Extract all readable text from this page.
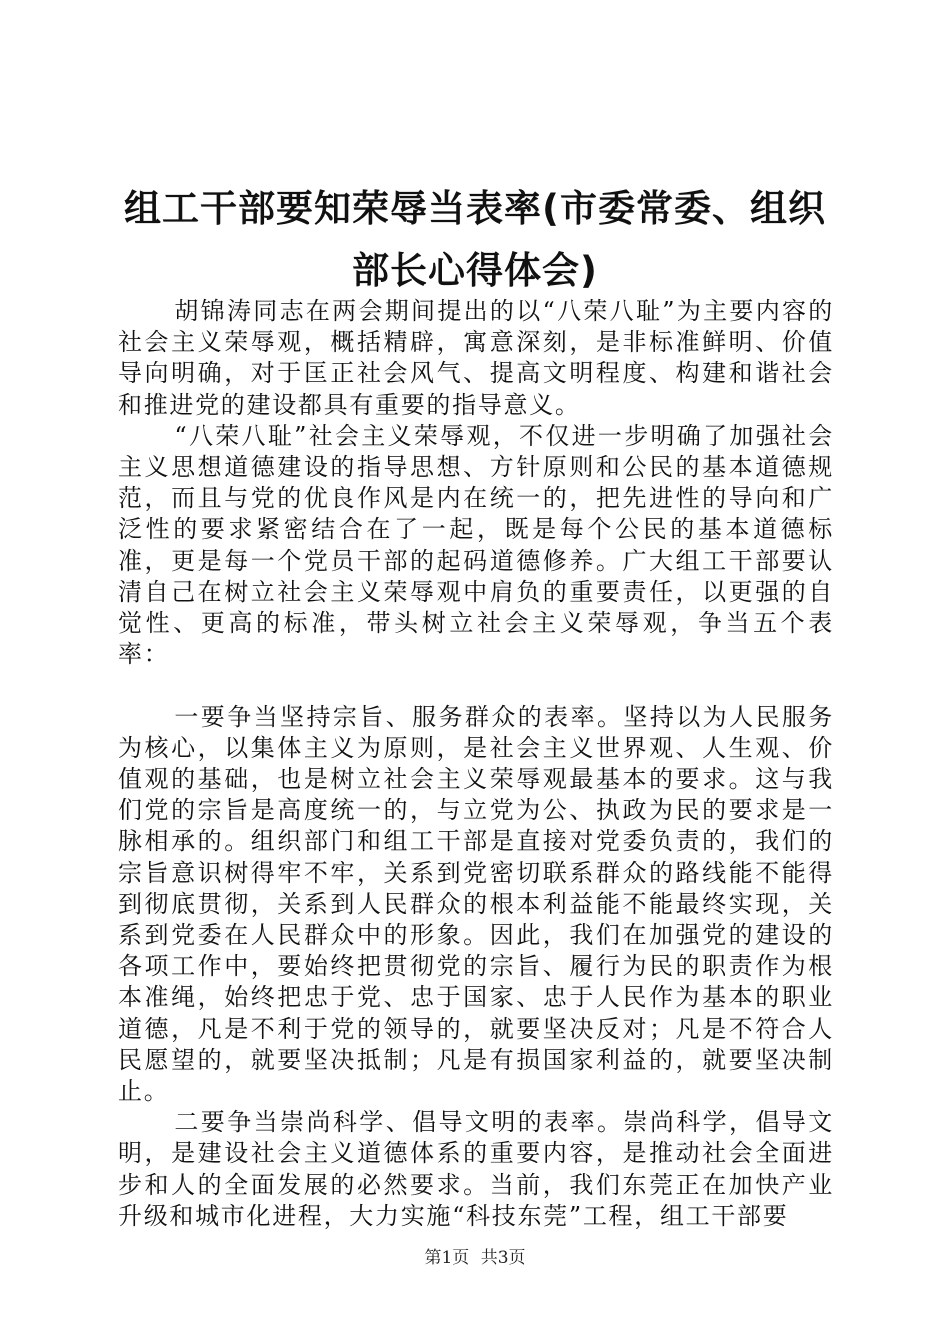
组工干部要知荣辱当表率(市委常委、组织部长心得体会)

胡锦涛同志在两会期间提出的以“八荣八耻”为主要内容的社会主义荣辱观，概括精辟，寓意深刻，是非标准鲜明、价值导向明确，对于匡正社会风气、提高文明程度、构建和谐社会和推进党的建设都具有重要的指导意义。

“八荣八耻”社会主义荣辱观，不仅进一步明确了加强社会主义思想道德建设的指导思想、方针原则和公民的基本道德规范，而且与党的优良作风是内在统一的，把先进性的导向和广泛性的要求紧密结合在了一起，既是每个公民的基本道德标准，更是每一个党员干部的起码道德修养。广大组工干部要认清自己在树立社会主义荣辱观中肩负的重要责任，以更强的自觉性、更高的标准，带头树立社会主义荣辱观，争当五个表率：

一要争当坚持宗旨、服务群众的表率。坚持以为人民服务为核心，以集体主义为原则，是社会主义世界观、人生观、价值观的基础，也是树立社会主义荣辱观最基本的要求。这与我们党的宗旨是高度统一的，与立党为公、执政为民的要求是一脉相承的。组织部门和组工干部是直接对党委负责的，我们的宗旨意识树得牢不牢，关系到党密切联系群众的路线能不能得到彻底贯彻，关系到人民群众的根本利益能不能最终实现，关系到党委在人民群众中的形象。因此，我们在加强党的建设的各项工作中，要始终把贯彻党的宗旨、履行为民的职责作为根本准绳，始终把忠于党、忠于国家、忠于人民作为基本的职业道德，凡是不利于党的领导的，就要坚决反对；凡是不符合人民愿望的，就要坚决抵制；凡是有损国家利益的，就要坚决制止。

二要争当崇尚科学、倡导文明的表率。崇尚科学，倡导文明，是建设社会主义道德体系的重要内容，是推动社会全面进步和人的全面发展的必然要求。当前，我们东莞正在加快产业升级和城市化进程，大力实施“科技东莞”工程，组工干部要

第1页 共3页
